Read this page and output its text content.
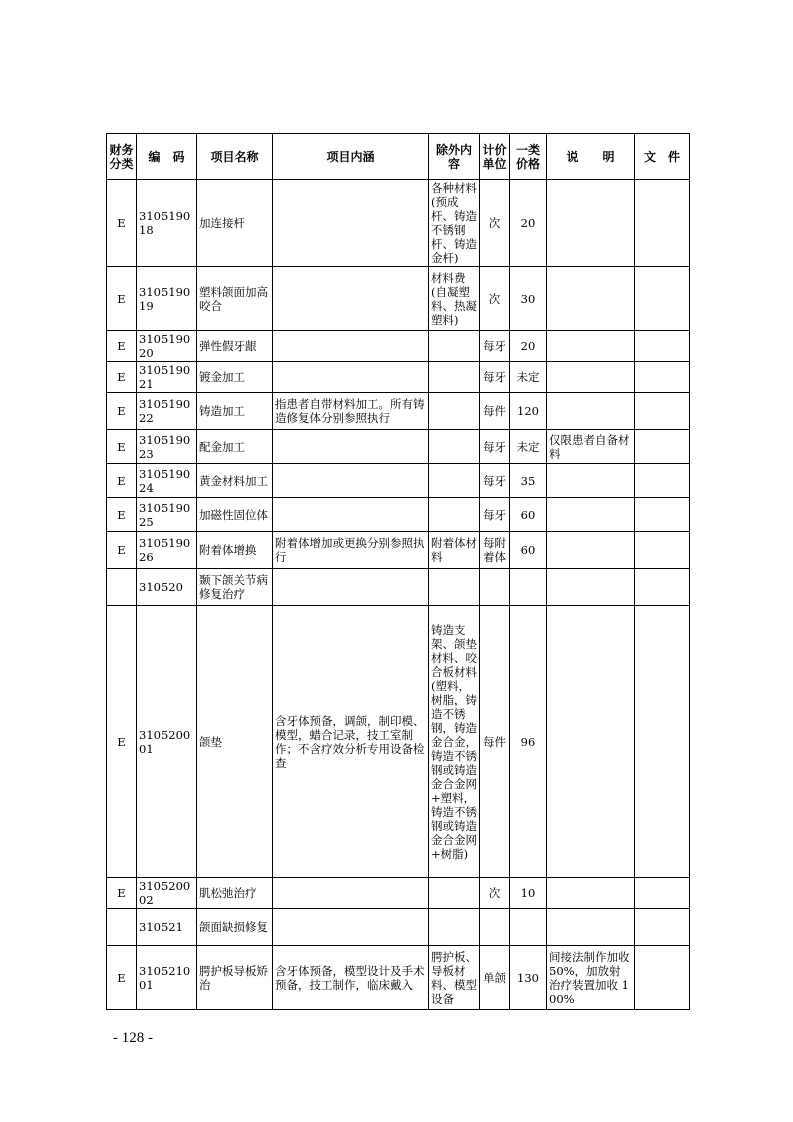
财务分类	编　码	项目名称	项目内涵	除外内容	计价单位	一类价格	说　　明	文　件
E	310519018	加连接杆		各种材料(预成杆、铸造不锈钢杆、铸造金杆)	次	20		
E	310519019	塑料颌面加高咬合		材料费(自凝塑料、热凝塑料)	次	30		
E	310519020	弹性假牙龈			每牙	20		
E	310519021	镀金加工			每牙	未定		
E	310519022	铸造加工	指患者自带材料加工。所有铸造修复体分别参照执行		每件	120		
E	310519023	配金加工			每牙	未定	仅限患者自备材料	
E	310519024	黄金材料加工			每牙	35		
E	310519025	加磁性固位体			每牙	60		
E	310519026	附着体增换	附着体增加或更换分别参照执行	附着体材料	每附着体	60		
	310520	颞下颌关节病修复治疗						
E	310520001	颌垫	含牙体预备，调颌，制印模、模型，蜡合记录，技工室制作；不含疗效分析专用设备检查	铸造支架、颌垫材料、咬合板材料(塑料，树脂，铸造不锈钢，铸造金合金，铸造不锈钢或铸造金合金网+塑料，铸造不锈钢或铸造金合金网+树脂)	每件	96		
E	310520002	肌松弛治疗			次	10		
	310521	颌面缺损修复						
E	310521001	腭护板导板矫治	含牙体预备，模型设计及手术预备，技工制作，临床戴入	腭护板、导板材料、模型设备	单颌	130	间接法制作加收50%，加放射治疗装置加收 100%	
- 128 -
